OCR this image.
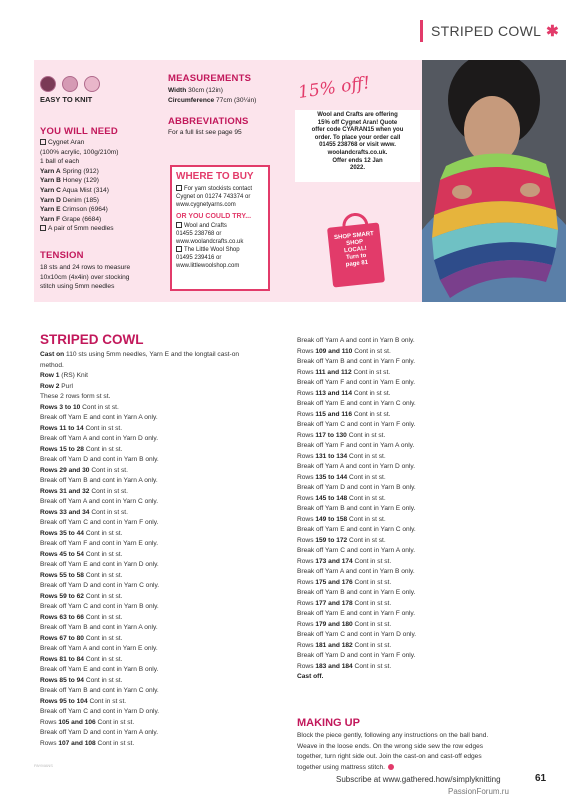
STRIPED COWL ✱
EASY TO KNIT
YOU WILL NEED
Cygnet Aran
(100% acrylic, 100g/210m)
1 ball of each
Yarn A Spring (912)
Yarn B Honey (129)
Yarn C Aqua Mist (314)
Yarn D Denim (185)
Yarn E Crimson (6964)
Yarn F Grape (6684)
A pair of 5mm needles
TENSION
18 sts and 24 rows to measure
10x10cm (4x4in) over stocking
stitch using 5mm needles
MEASUREMENTS
Width 30cm (12in)
Circumference 77cm (30¼in)
ABBREVIATIONS
For a full list see page 95
WHERE TO BUY
For yarn stockists contact
Cygnet on 01274 743374 or
www.cygnetyarns.com
OR YOU COULD TRY...
Wool and Crafts
01455 238768 or
www.woolandcrafts.co.uk
The Little Wool Shop
01495 239416 or
www.littlewoolshop.com
15% off!
Wool and Crafts are offering
15% off Cygnet Aran! Quote
offer code CYARAN15 when you
order. To place your order call
01455 238768 or visit www.
woolandcrafts.co.uk.
Offer ends 12 Jan
2022.
SHOP SMART
SHOP
LOCAL!
Turn to
page 81
STRIPED COWL
Cast on 110 sts using 5mm needles, Yarn E and the longtail cast-on
method.
Row 1 (RS) Knit
Row 2 Purl
These 2 rows form st st.
Rows 3 to 10 Cont in st st.
Break off Yarn E and cont in Yarn A only.
Rows 11 to 14 Cont in st st.
Break off Yarn A and cont in Yarn D only.
Rows 15 to 28 Cont in st st.
Break off Yarn D and cont in Yarn B only.
Rows 29 and 30 Cont in st st.
Break off Yarn B and cont in Yarn A only.
Rows 31 and 32 Cont in st st.
Break off Yarn A and cont in Yarn C only.
Rows 33 and 34 Cont in st st.
Break off Yarn C and cont in Yarn F only.
Rows 35 to 44 Cont in st st.
Break off Yarn F and cont in Yarn E only.
Rows 45 to 54 Cont in st st.
Break off Yarn E and cont in Yarn D only.
Rows 55 to 58 Cont in st st.
Break off Yarn D and cont in Yarn C only.
Rows 59 to 62 Cont in st st.
Break off Yarn C and cont in Yarn B only.
Rows 63 to 66 Cont in st st.
Break off Yarn B and cont in Yarn A only.
Rows 67 to 80 Cont in st st.
Break off Yarn A and cont in Yarn E only.
Rows 81 to 84 Cont in st st.
Break off Yarn E and cont in Yarn B only.
Rows 85 to 94 Cont in st st.
Break off Yarn B and cont in Yarn C only.
Rows 95 to 104 Cont in st st.
Break off Yarn C and cont in Yarn D only.
Rows 105 and 106 Cont in st st.
Break off Yarn D and cont in Yarn A only.
Rows 107 and 108 Cont in st st.
Break off Yarn A and cont in Yarn B only.
Rows 109 and 110 Cont in st st.
Break off Yarn B and cont in Yarn F only.
Rows 111 and 112 Cont in st st.
Break off Yarn F and cont in Yarn E only.
Rows 113 and 114 Cont in st st.
Break off Yarn E and cont in Yarn C only.
Rows 115 and 116 Cont in st st.
Break off Yarn C and cont in Yarn F only.
Rows 117 to 130 Cont in st st.
Break off Yarn F and cont in Yarn A only.
Rows 131 to 134 Cont in st st.
Break off Yarn A and cont in Yarn D only.
Rows 135 to 144 Cont in st st.
Break off Yarn D and cont in Yarn B only.
Rows 145 to 148 Cont in st st.
Break off Yarn B and cont in Yarn E only.
Rows 149 to 158 Cont in st st.
Break off Yarn E and cont in Yarn C only.
Rows 159 to 172 Cont in st st.
Break off Yarn C and cont in Yarn A only.
Rows 173 and 174 Cont in st st.
Break off Yarn A and cont in Yarn B only.
Rows 175 and 176 Cont in st st.
Break off Yarn B and cont in Yarn E only.
Rows 177 and 178 Cont in st st.
Break off Yarn E and cont in Yarn F only.
Rows 179 and 180 Cont in st st.
Break off Yarn C and cont in Yarn D only.
Rows 181 and 182 Cont in st st.
Break off Yarn D and cont in Yarn F only.
Rows 183 and 184 Cont in st st.
Cast off.
MAKING UP
Block the piece gently, following any instructions on the ball band.
Weave in the loose ends. On the wrong side sew the row edges
together, turn right side out. Join the cast-on and cast-off edges
together using mattress stitch.
PAYMANS
Subscribe at www.gathered.how/simplyknitting	61
PassionForum.ru
